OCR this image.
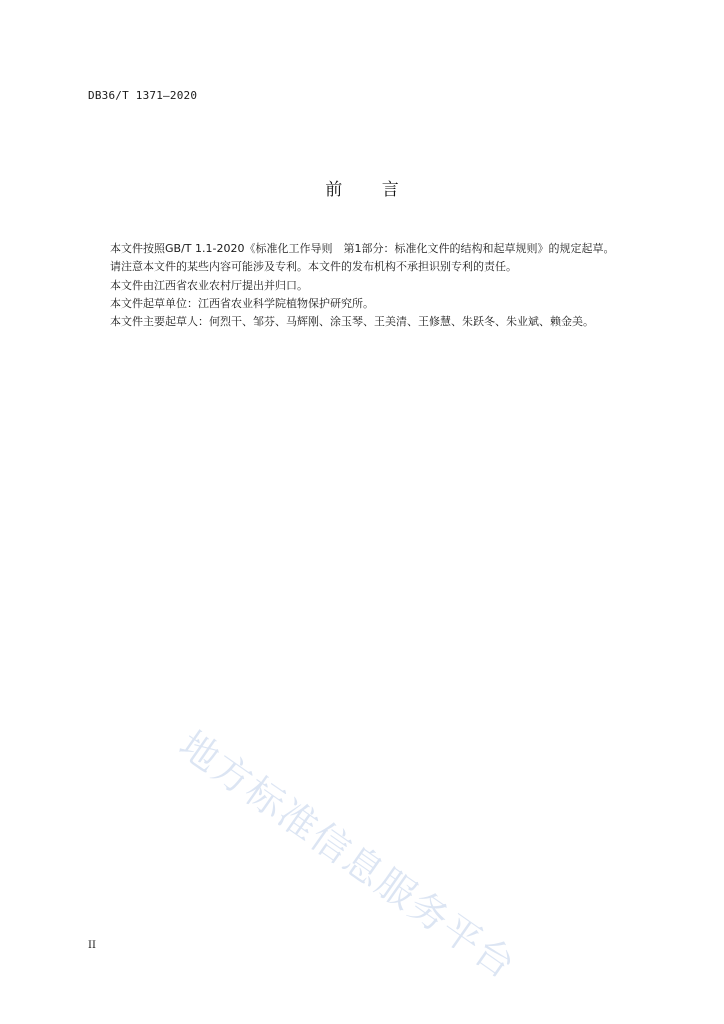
DB36/T 1371—2020
前 言

本文件按照GB/T 1.1-2020《标准化工作导则　第1部分：标准化文件的结构和起草规则》的规定起草。

请注意本文件的某些内容可能涉及专利。本文件的发布机构不承担识别专利的责任。

本文件由江西省农业农村厅提出并归口。

本文件起草单位：江西省农业科学院植物保护研究所。

本文件主要起草人：何烈干、邹芬、马辉刚、涂玉琴、王美清、王修慧、朱跃冬、朱业斌、赖金美。

地方标准信息服务平台
II
